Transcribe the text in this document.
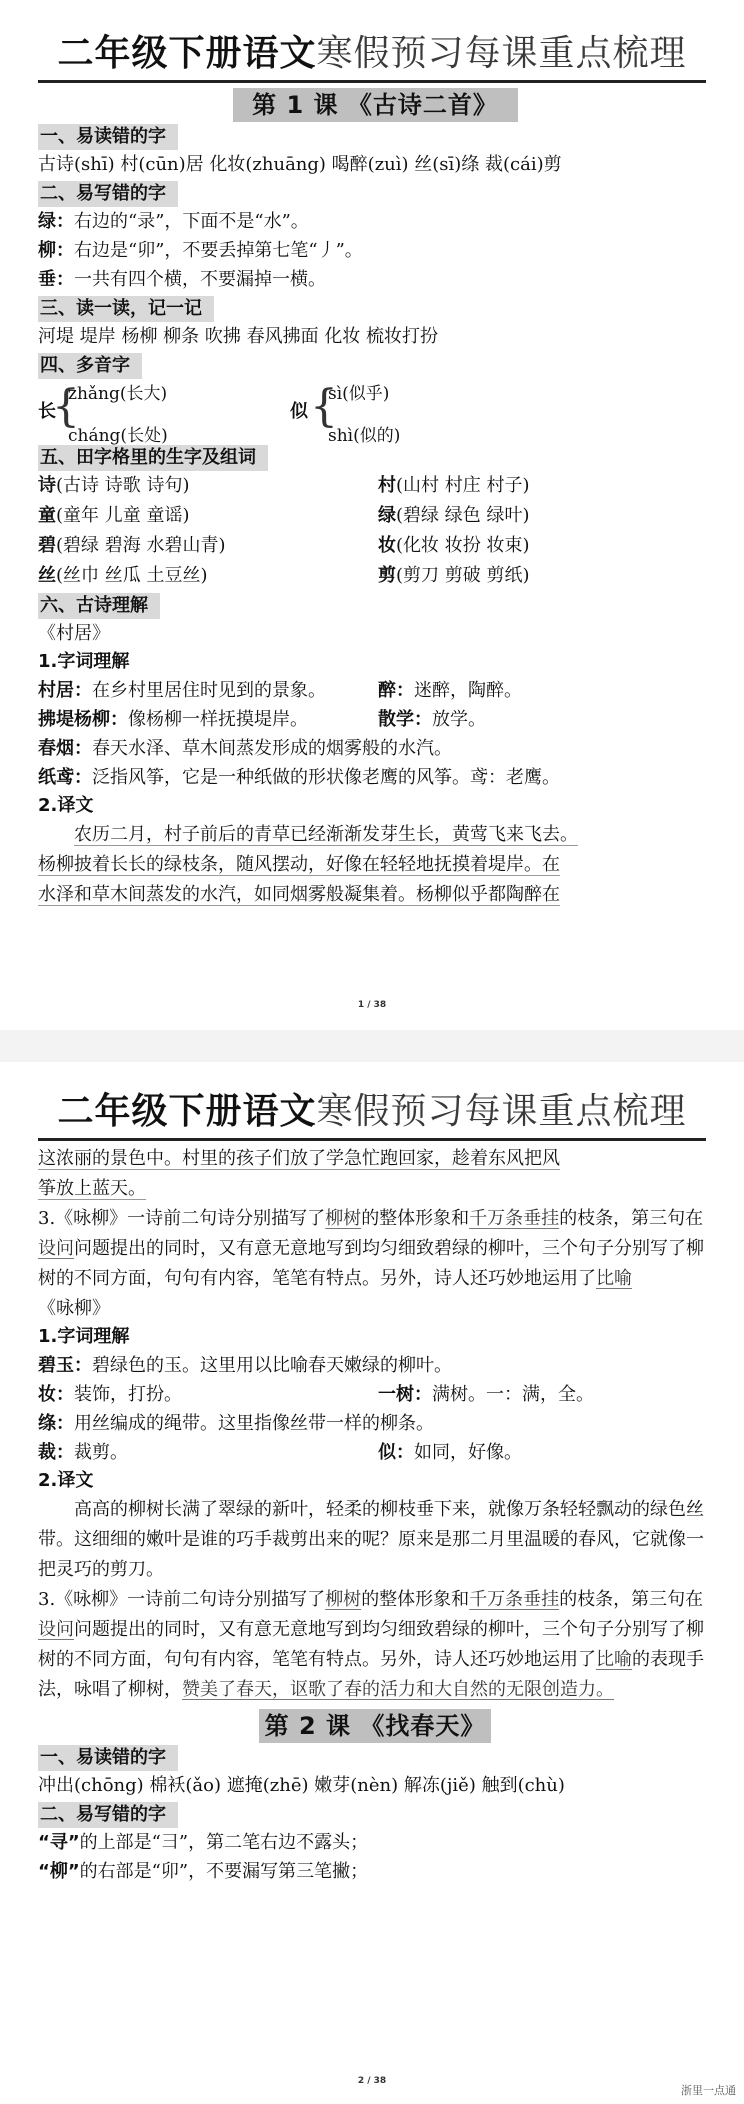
二年级下册语文寒假预习每课重点梳理
第 1 课 《古诗二首》
一、易读错的字
古诗(shī) 村(cūn)居 化妆(zhuāng) 喝醉(zuì) 丝(sī)绦 裁(cái)剪
二、易写错的字
绿：右边的“录”，下面不是“水”。
柳：右边是“卯”，不要丢掉第七笔“丿”。
垂：一共有四个横，不要漏掉一横。
三、读一读，记一记
河堤 堤岸 杨柳 柳条 吹拂 春风拂面 化妆 梳妆打扮
四、多音字
长
{
zhǎng(长大)
cháng(长处)
似 {
sì(似乎)
shì(似的)
五、田字格里的生字及组词
诗(古诗 诗歌 诗句)	村(山村 村庄 村子)
童(童年 儿童 童谣)	绿(碧绿 绿色 绿叶)
碧(碧绿 碧海 水碧山青)	妆(化妆 妆扮 妆束)
丝(丝巾 丝瓜 土豆丝)	剪(剪刀 剪破 剪纸)
六、古诗理解
《村居》
1.字词理解
村居：在乡村里居住时见到的景象。	醉：迷醉，陶醉。
拂堤杨柳：像杨柳一样抚摸堤岸。	散学：放学。
春烟：春天水泽、草木间蒸发形成的烟雾般的水汽。
纸鸢：泛指风筝，它是一种纸做的形状像老鹰的风筝。鸢：老鹰。
2.译文
农历二月，村子前后的青草已经渐渐发芽生长，黄莺飞来飞去。
杨柳披着长长的绿枝条，随风摆动，好像在轻轻地抚摸着堤岸。在
水泽和草木间蒸发的水汽，如同烟雾般凝集着。杨柳似乎都陶醉在
1 / 38
二年级下册语文寒假预习每课重点梳理
这浓丽的景色中。村里的孩子们放了学急忙跑回家，趁着东风把风
筝放上蓝天。
3.《咏柳》一诗前二句诗分别描写了柳树的整体形象和千万条垂挂的枝条，第三句在设问问题提出的同时，又有意无意地写到均匀细致碧绿的柳叶，三个句子分别写了柳树的不同方面，句句有内容，笔笔有特点。另外，诗人还巧妙地运用了比喻
《咏柳》
1.字词理解
碧玉：碧绿色的玉。这里用以比喻春天嫩绿的柳叶。
妆：装饰，打扮。	一树：满树。一：满，全。
绦：用丝编成的绳带。这里指像丝带一样的柳条。
裁：裁剪。	似：如同，好像。
2.译文
高高的柳树长满了翠绿的新叶，轻柔的柳枝垂下来，就像万条轻轻飘动的绿色丝带。这细细的嫩叶是谁的巧手裁剪出来的呢？原来是那二月里温暖的春风，它就像一把灵巧的剪刀。
3.《咏柳》一诗前二句诗分别描写了柳树的整体形象和千万条垂挂的枝条，第三句在设问问题提出的同时，又有意无意地写到均匀细致碧绿的柳叶，三个句子分别写了柳树的不同方面，句句有内容，笔笔有特点。另外，诗人还巧妙地运用了比喻的表现手法，咏唱了柳树，赞美了春天，讴歌了春的活力和大自然的无限创造力。
第 2 课 《找春天》
一、易读错的字
冲出(chōng) 棉袄(ǎo) 遮掩(zhē) 嫩芽(nèn) 解冻(jiě) 触到(chù)
二、易写错的字
“寻”的上部是“彐”，第二笔右边不露头；
“柳”的右部是“卯”，不要漏写第三笔撇；
2 / 38
浙里一点通
